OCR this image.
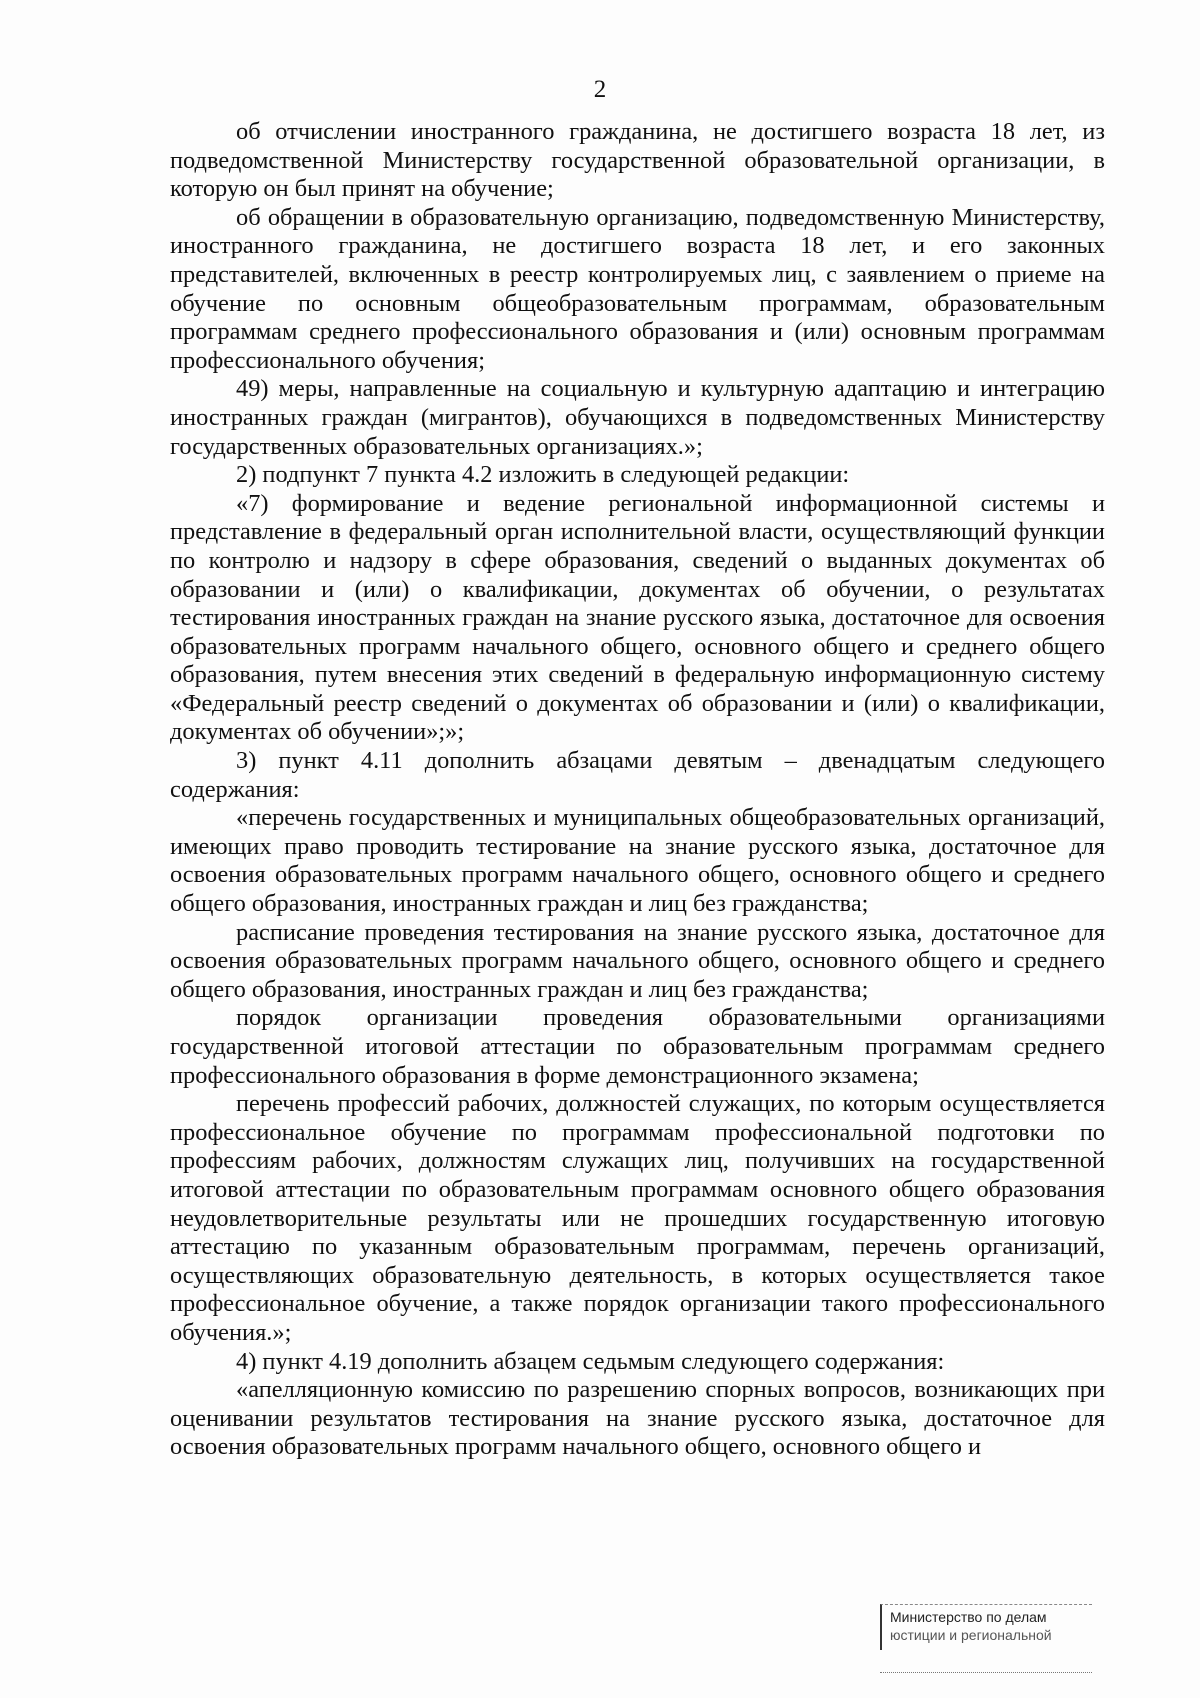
2

об отчислении иностранного гражданина, не достигшего возраста 18 лет, из подведомственной Министерству государственной образовательной организации, в которую он был принят на обучение;

об обращении в образовательную организацию, подведомственную Министерству, иностранного гражданина, не достигшего возраста 18 лет, и его законных представителей, включенных в реестр контролируемых лиц, с заявлением о приеме на обучение по основным общеобразовательным программам, образовательным программам среднего профессионального образования и (или) основным программам профессионального обучения;

49) меры, направленные на социальную и культурную адаптацию и интеграцию иностранных граждан (мигрантов), обучающихся в подведомственных Министерству государственных образовательных организациях.»;

2) подпункт 7 пункта 4.2 изложить в следующей редакции:

«7) формирование и ведение региональной информационной системы и представление в федеральный орган исполнительной власти, осуществляющий функции по контролю и надзору в сфере образования, сведений о выданных документах об образовании и (или) о квалификации, документах об обучении, о результатах тестирования иностранных граждан на знание русского языка, достаточное для освоения образовательных программ начального общего, основного общего и среднего общего образования, путем внесения этих сведений в федеральную информационную систему «Федеральный реестр сведений о документах об образовании и (или) о квалификации, документах об обучении»;»;

3) пункт 4.11 дополнить абзацами девятым – двенадцатым следующего содержания:

«перечень государственных и муниципальных общеобразовательных организаций, имеющих право проводить тестирование на знание русского языка, достаточное для освоения образовательных программ начального общего, основного общего и среднего общего образования, иностранных граждан и лиц без гражданства;

расписание проведения тестирования на знание русского языка, достаточное для освоения образовательных программ начального общего, основного общего и среднего общего образования, иностранных граждан и лиц без гражданства;

порядок организации проведения образовательными организациями государственной итоговой аттестации по образовательным программам среднего профессионального образования в форме демонстрационного экзамена;

перечень профессий рабочих, должностей служащих, по которым осуществляется профессиональное обучение по программам профессиональной подготовки по профессиям рабочих, должностям служащих лиц, получивших на государственной итоговой аттестации по образовательным программам основного общего образования неудовлетворительные результаты или не прошедших государственную итоговую аттестацию по указанным образовательным программам, перечень организаций, осуществляющих образовательную деятельность, в которых осуществляется такое профессиональное обучение, а также порядок организации такого профессионального обучения.»;

4) пункт 4.19 дополнить абзацем седьмым следующего содержания:

«апелляционную комиссию по разрешению спорных вопросов, возникающих при оценивании результатов тестирования на знание русского языка, достаточное для освоения образовательных программ начального общего, основного общего и

Министерство по делам
юстиции и региональной
